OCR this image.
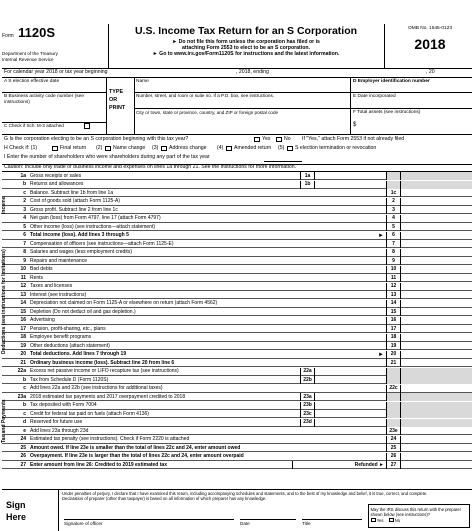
Form 1120S
Department of the Treasury
Internal Revenue Service
U.S. Income Tax Return for an S Corporation
► Do not file this form unless the corporation has filed or is
attaching Form 2553 to elect to be an S corporation.
► Go to www.irs.gov/Form1120S for instructions and the latest information.
OMB No. 1545-0123
2018
For calendar year 2018 or tax year beginning	, 2018, ending	, 20
A S election effective date
B Business activity code number (see instructions)
C Check if Sch. M-3 attached
TYPE
OR
PRINT
Name
Number, street, and room or suite no. If a P.O. box, see instructions.
City or town, state or province, country, and ZIP or foreign postal code
D Employer identification number
E Date incorporated
F Total assets (see instructions)
$
G Is the corporation electing to be an S corporation beginning with this tax year?	Yes	No If "Yes," attach Form 2553 if not already filed
H Check if: (1)	Final return (2) Name change (3) Address change (4) Amended return (5) S election termination or revocation
I Enter the number of shareholders who were shareholders during any part of the tax year
Caution: Include only trade or business income and expenses on lines 1a through 21. See the instructions for more information.
1a Gross receipts or sales	1a
b Returns and allowances	1b
c Balance. Subtract line 1b from line 1a	1c
2 Cost of goods sold (attach Form 1125-A)	2
3 Gross profit. Subtract line 2 from line 1c	3
4 Net gain (loss) from Form 4797, line 17 (attach Form 4797)	4
5 Other income (loss) (see instructions—attach statement)	5
6 Total income (loss). Add lines 3 through 5	►	6
7 Compensation of officers (see instructions—attach Form 1125-E)	7
8 Salaries and wages (less employment credits)	8
9 Repairs and maintenance	9
10 Bad debts	10
11 Rents	11
12 Taxes and licenses	12
13 Interest (see instructions)	13
14 Depreciation not claimed on Form 1125-A or elsewhere on return (attach Form 4562)	14
15 Depletion (Do not deduct oil and gas depletion.)	15
16 Advertising	16
17 Pension, profit-sharing, etc., plans	17
18 Employee benefit programs	18
19 Other deductions (attach statement)	19
20 Total deductions. Add lines 7 through 19	►	20
21 Ordinary business income (loss). Subtract line 20 from line 6	21
22a Excess net passive income or LIFO recapture tax (see instructions)	22a
b Tax from Schedule D (Form 1120S)	22b
c Add lines 22a and 22b (see instructions for additional taxes)	22c
23a 2018 estimated tax payments and 2017 overpayment credited to 2018	23a
b Tax deposited with Form 7004	23b
c Credit for federal tax paid on fuels (attach Form 4136)	23c
d Reserved for future use	23d
e Add lines 23a through 23d	23e
24 Estimated tax penalty (see instructions). Check if Form 2220 is attached	24
25 Amount owed. If line 23e is smaller than the total of lines 22c and 24, enter amount owed	25
26 Overpayment. If line 23e is larger than the total of lines 22c and 24, enter amount overpaid	26
27 Enter amount from line 26: Credited to 2019 estimated tax	Refunded ►	27
Income
Deductions (see instructions for limitations)
Tax and Payments
Sign
Here
Under penalties of perjury, I declare that I have examined this return, including accompanying schedules and statements, and to the best of my knowledge and belief, it is true, correct, and complete.
Declaration of preparer (other than taxpayer) is based on all information of which preparer has any knowledge.
Signature of officer	Date	Title
May the IRS discuss this return with the preparer shown below (see instructions)?
Yes	No
